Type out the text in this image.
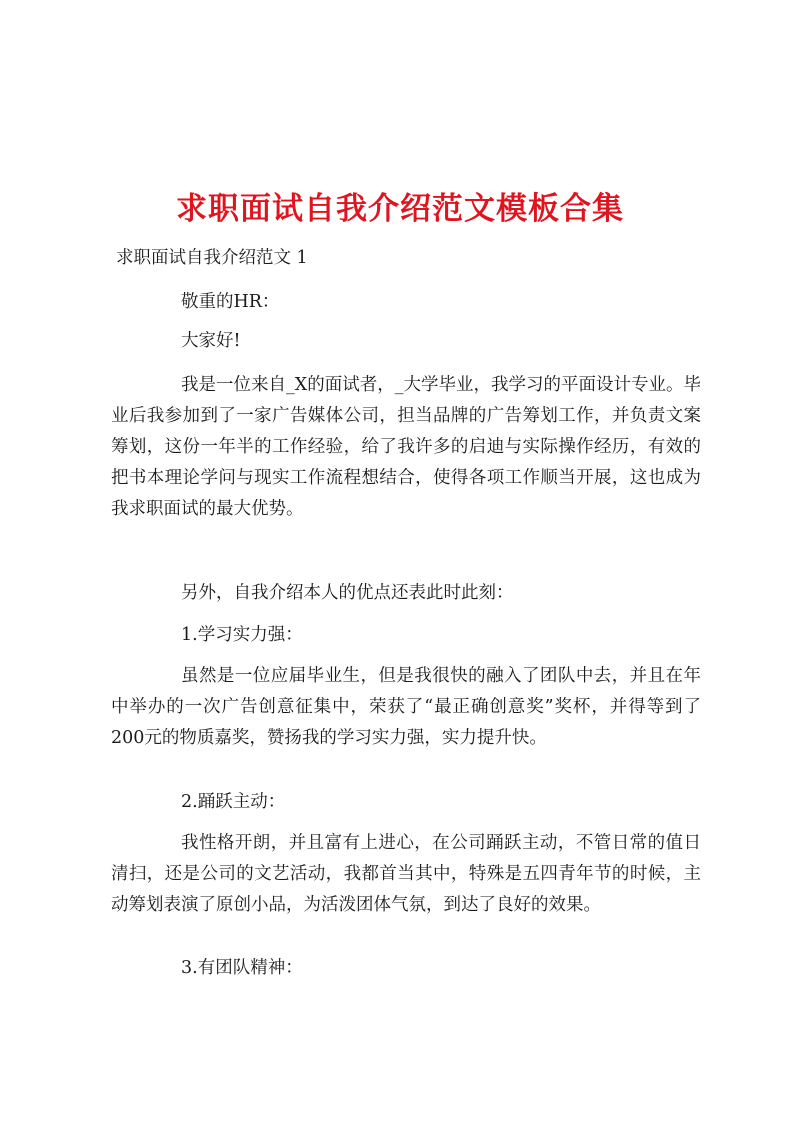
求职面试自我介绍范文模板合集

求职面试自我介绍范文 1

敬重的HR：

大家好!

我是一位来自_X的面试者，_大学毕业，我学习的平面设计专业。毕业后我参加到了一家广告媒体公司，担当品牌的广告筹划工作，并负责文案筹划，这份一年半的工作经验，给了我许多的启迪与实际操作经历，有效的把书本理论学问与现实工作流程想结合，使得各项工作顺当开展，这也成为我求职面试的最大优势。

另外，自我介绍本人的优点还表此时此刻：

1.学习实力强：

虽然是一位应届毕业生，但是我很快的融入了团队中去，并且在年中举办的一次广告创意征集中，荣获了“最正确创意奖”奖杯，并得等到了200元的物质嘉奖，赞扬我的学习实力强，实力提升快。

2.踊跃主动：

我性格开朗，并且富有上进心，在公司踊跃主动，不管日常的值日清扫，还是公司的文艺活动，我都首当其中，特殊是五四青年节的时候，主动筹划表演了原创小品，为活泼团体气氛，到达了良好的效果。

3.有团队精神：
